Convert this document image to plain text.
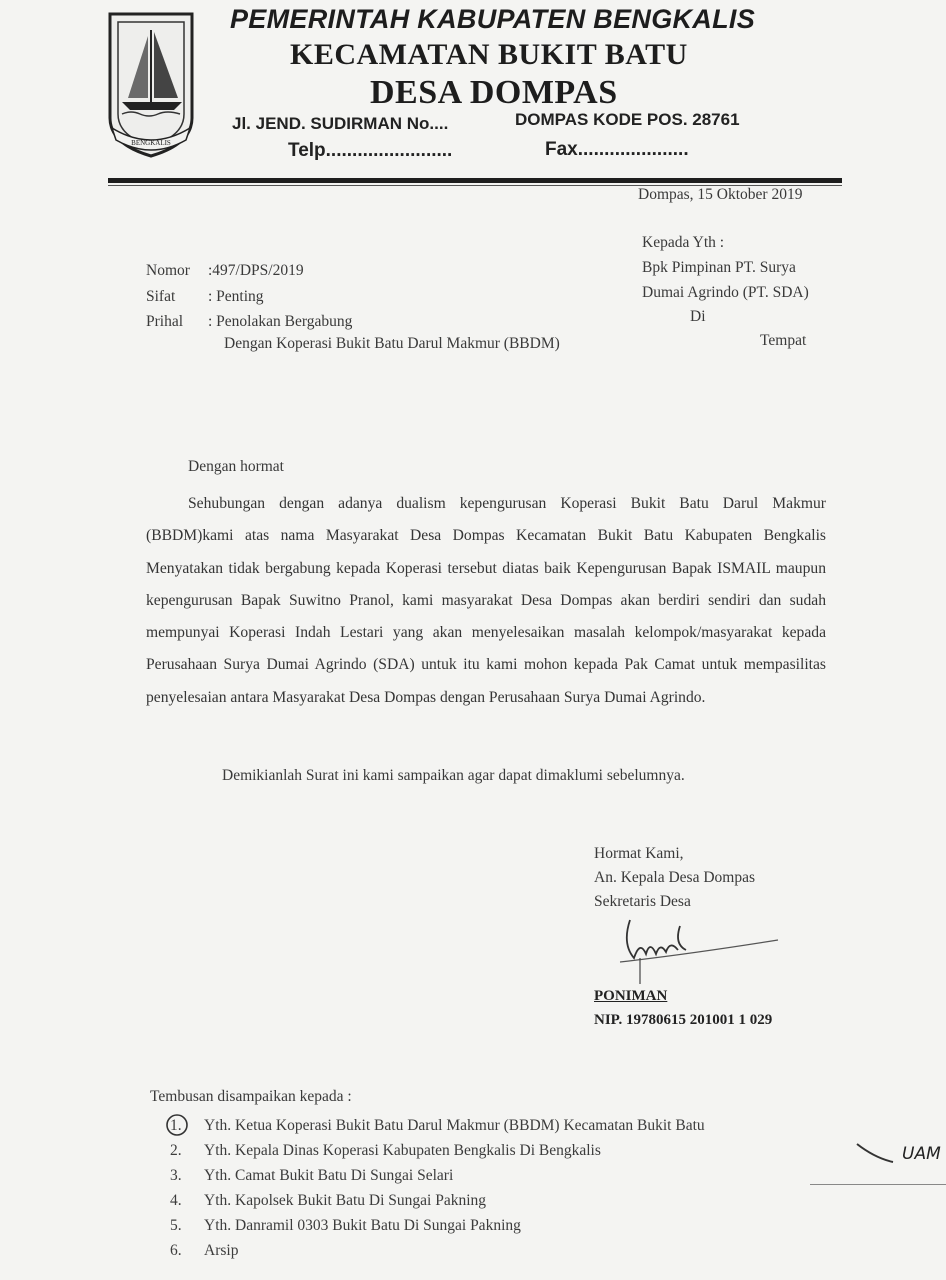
BENGKALIS
PEMERINTAH KABUPATEN BENGKALIS
KECAMATAN BUKIT BATU
DESA DOMPAS
Jl. JEND. SUDIRMAN No....	DOMPAS KODE POS. 28761
Telp........................	Fax.....................
Dompas, 15 Oktober 2019
Kepada Yth :
Bpk Pimpinan PT. Surya
Dumai Agrindo (PT. SDA)
Di
Tempat
Nomor :497/DPS/2019
Sifat : Penting
Prihal : Penolakan Bergabung
Dengan Koperasi Bukit Batu Darul Makmur (BBDM)
Dengan hormat
Sehubungan dengan adanya dualism kepengurusan Koperasi Bukit Batu Darul Makmur (BBDM)kami atas nama Masyarakat Desa Dompas Kecamatan Bukit Batu Kabupaten Bengkalis Menyatakan tidak bergabung kepada Koperasi tersebut diatas baik Kepengurusan Bapak ISMAIL maupun kepengurusan Bapak Suwitno Pranol, kami masyarakat Desa Dompas akan berdiri sendiri dan sudah mempunyai Koperasi Indah Lestari yang akan menyelesaikan masalah kelompok/masyarakat kepada Perusahaan Surya Dumai Agrindo (SDA) untuk itu kami mohon kepada Pak Camat untuk mempasilitas penyelesaian antara Masyarakat Desa Dompas dengan Perusahaan Surya Dumai Agrindo.
Demikianlah Surat ini kami sampaikan agar dapat dimaklumi sebelumnya.
Hormat Kami,
An. Kepala Desa Dompas
Sekretaris Desa
PONIMAN
NIP. 19780615 201001 1 029
Tembusan disampaikan kepada :
1. Yth. Ketua Koperasi Bukit Batu Darul Makmur (BBDM) Kecamatan Bukit Batu
2. Yth. Kepala Dinas Koperasi Kabupaten Bengkalis Di Bengkalis
3. Yth. Camat Bukit Batu Di Sungai Selari
4. Yth. Kapolsek Bukit Batu Di Sungai Pakning
5. Yth. Danramil 0303 Bukit Batu Di Sungai Pakning
6. Arsip
UAM
